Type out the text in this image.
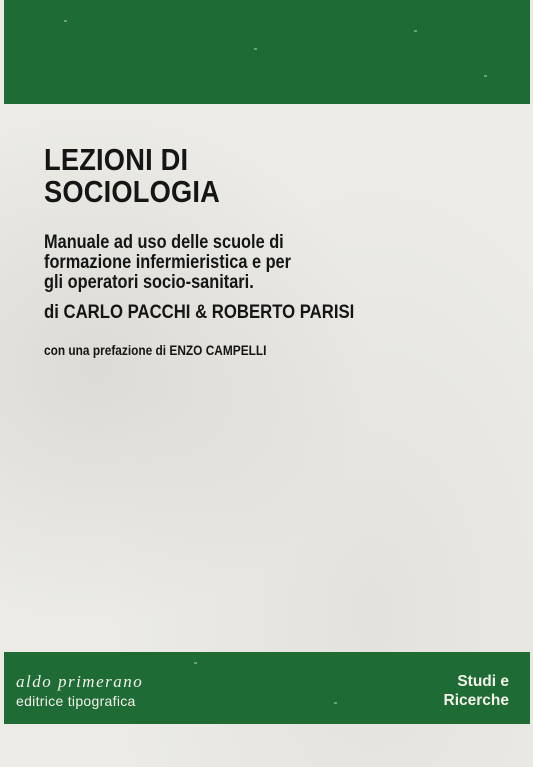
LEZIONI DI
SOCIOLOGIA

Manuale ad uso delle scuole di

formazione infermieristica e per

gli operatori socio-sanitari.

di CARLO PACCHI & ROBERTO PARISI

con una prefazione di ENZO CAMPELLI

aldo primerano

editrice tipografica

Studi e

Ricerche
